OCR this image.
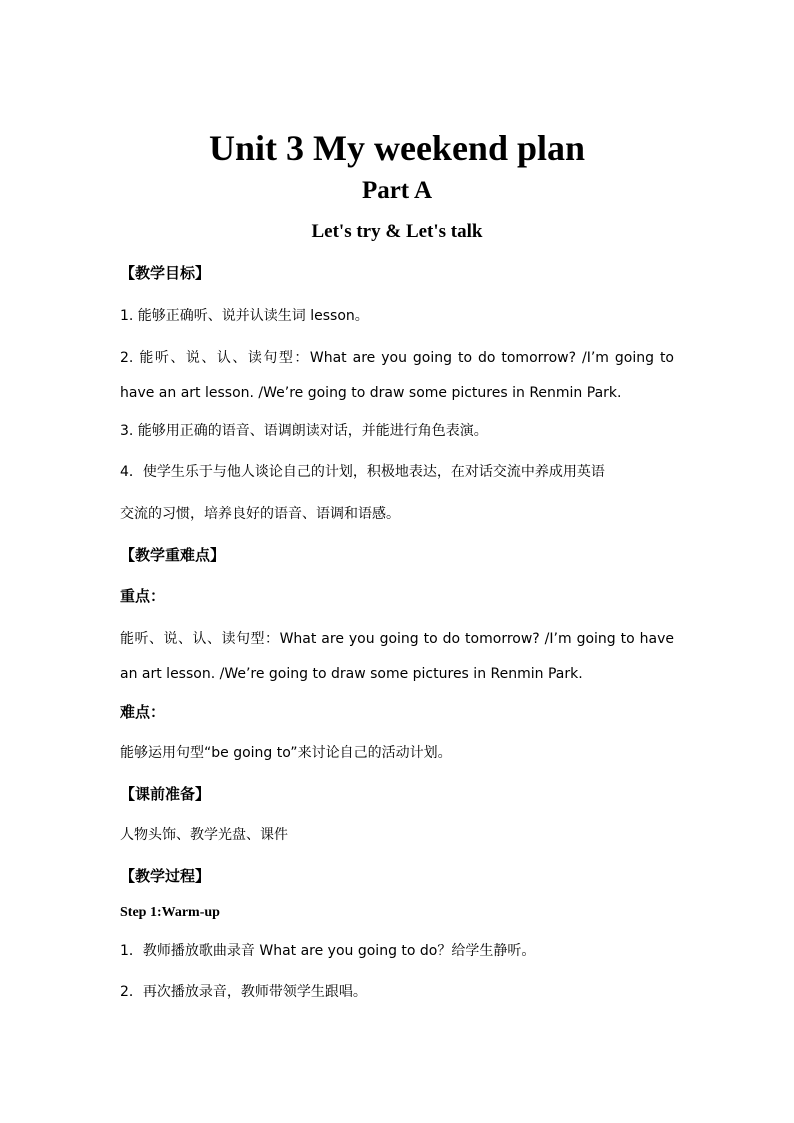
Unit 3 My weekend plan
Part A
Let's try & Let's talk
【教学目标】
1. 能够正确听、说并认读生词 lesson。
2. 能听、说、认、读句型：What are you going to do tomorrow? /I’m going to
have an art lesson. /We’re going to draw some pictures in Renmin Park.
3. 能够用正确的语音、语调朗读对话，并能进行角色表演。
4．使学生乐于与他人谈论自己的计划，积极地表达，在对话交流中养成用英语
交流的习惯，培养良好的语音、语调和语感。
【教学重难点】
重点：
能听、说、认、读句型：What are you going to do tomorrow? /I’m going to have
an art lesson. /We’re going to draw some pictures in Renmin Park.
难点：
能够运用句型“be going to”来讨论自己的活动计划。
【课前准备】
人物头饰、教学光盘、课件
【教学过程】
Step 1:Warm-up
1．教师播放歌曲录音 What are you going to do？给学生静听。
2．再次播放录音，教师带领学生跟唱。
